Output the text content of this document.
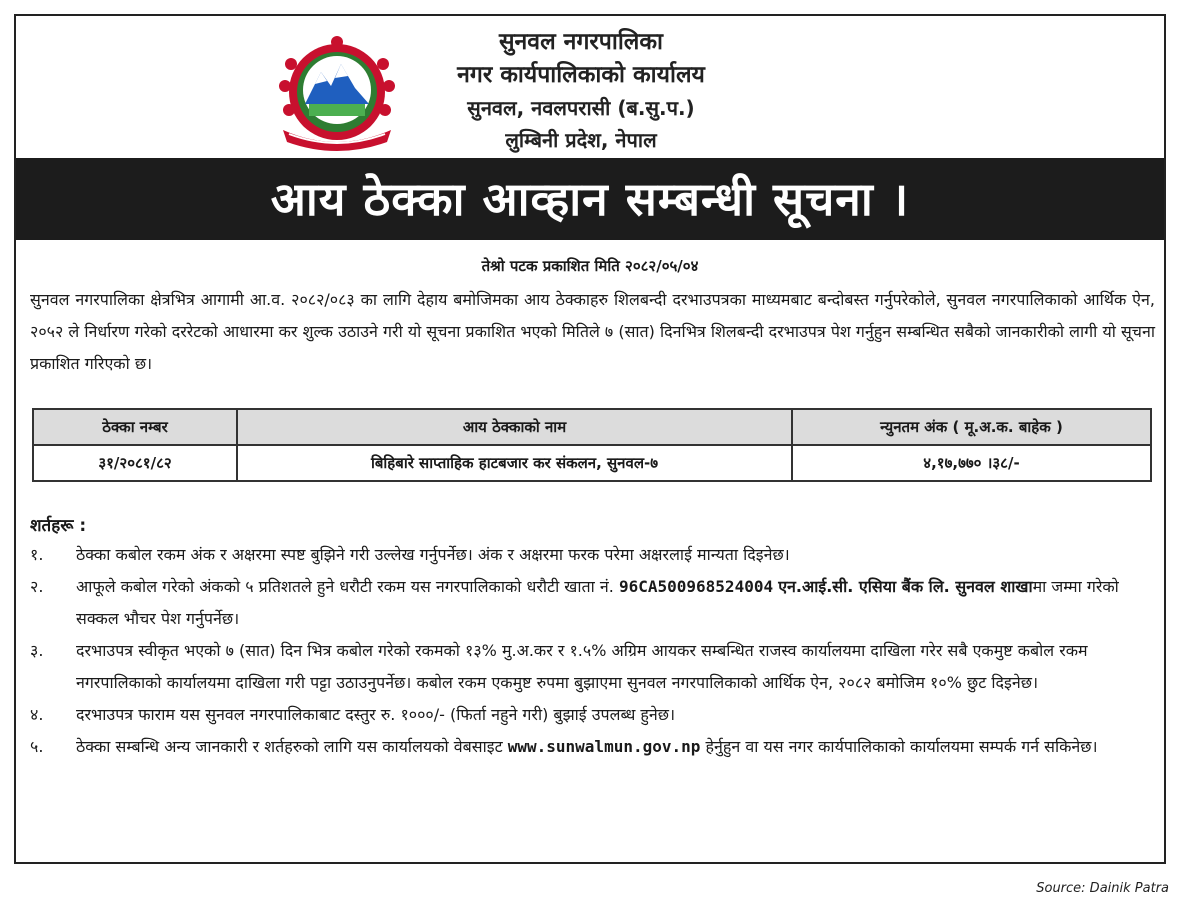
सुनवल नगरपालिका
नगर कार्यपालिकाको कार्यालय
सुनवल, नवलपरासी (ब.सु.प.)
लुम्बिनी प्रदेश, नेपाल
आय ठेक्का आव्हान सम्बन्धी सूचना ।
तेश्रो पटक प्रकाशित मिति २०८२/०५/०४
सुनवल नगरपालिका क्षेत्रभित्र आगामी आ.व. २०८२/०८३ का लागि देहाय बमोजिमका आय ठेक्काहरु शिलबन्दी दरभाउपत्रका माध्यमबाट बन्दोबस्त गर्नुपरेकोले, सुनवल नगरपालिकाको आर्थिक ऐन, २०५२ ले निर्धारण गरेको दररेटको आधारमा कर शुल्क उठाउने गरी यो सूचना प्रकाशित भएको मितिले ७ (सात) दिनभित्र शिलबन्दी दरभाउपत्र पेश गर्नुहुन सम्बन्धित सबैको जानकारीको लागी यो सूचना प्रकाशित गरिएको छ।
ठेक्का नम्बर	आय ठेक्काको नाम	न्युनतम अंक ( मू.अ.क. बाहेक )
३१/२०८१/८२	बिहिबारे साप्ताहिक हाटबजार कर संकलन, सुनवल-७	४,१७,७७० ।३८/-
शर्तहरू :
१.	ठेक्का कबोल रकम अंक र अक्षरमा स्पष्ट बुझिने गरी उल्लेख गर्नुपर्नेछ। अंक र अक्षरमा फरक परेमा अक्षरलाई मान्यता दिइनेछ।
२.	आफूले कबोल गरेको अंकको ५ प्रतिशतले हुने धरौटी रकम यस नगरपालिकाको धरौटी खाता नं. 96CA500968524004 एन.आई.सी. एसिया बैंक लि. सुनवल शाखामा जम्मा गरेको सक्कल भौचर पेश गर्नुपर्नेछ।
३.	दरभाउपत्र स्वीकृत भएको ७ (सात) दिन भित्र कबोल गरेको रकमको १३% मु.अ.कर र १.५% अग्रिम आयकर सम्बन्धित राजस्व कार्यालयमा दाखिला गरेर सबै एकमुष्ट कबोल रकम नगरपालिकाको कार्यालयमा दाखिला गरी पट्टा उठाउनुपर्नेछ। कबोल रकम एकमुष्ट रुपमा बुझाएमा सुनवल नगरपालिकाको आर्थिक ऐन, २०८२ बमोजिम १०% छुट दिइनेछ।
४.	दरभाउपत्र फाराम यस सुनवल नगरपालिकाबाट दस्तुर रु. १०००/- (फिर्ता नहुने गरी) बुझाई उपलब्ध हुनेछ।
५.	ठेक्का सम्बन्धि अन्य जानकारी र शर्तहरुको लागि यस कार्यालयको वेबसाइट www.sunwalmun.gov.np हेर्नुहुन वा यस नगर कार्यपालिकाको कार्यालयमा सम्पर्क गर्न सकिनेछ।
Source: Dainik Patra
